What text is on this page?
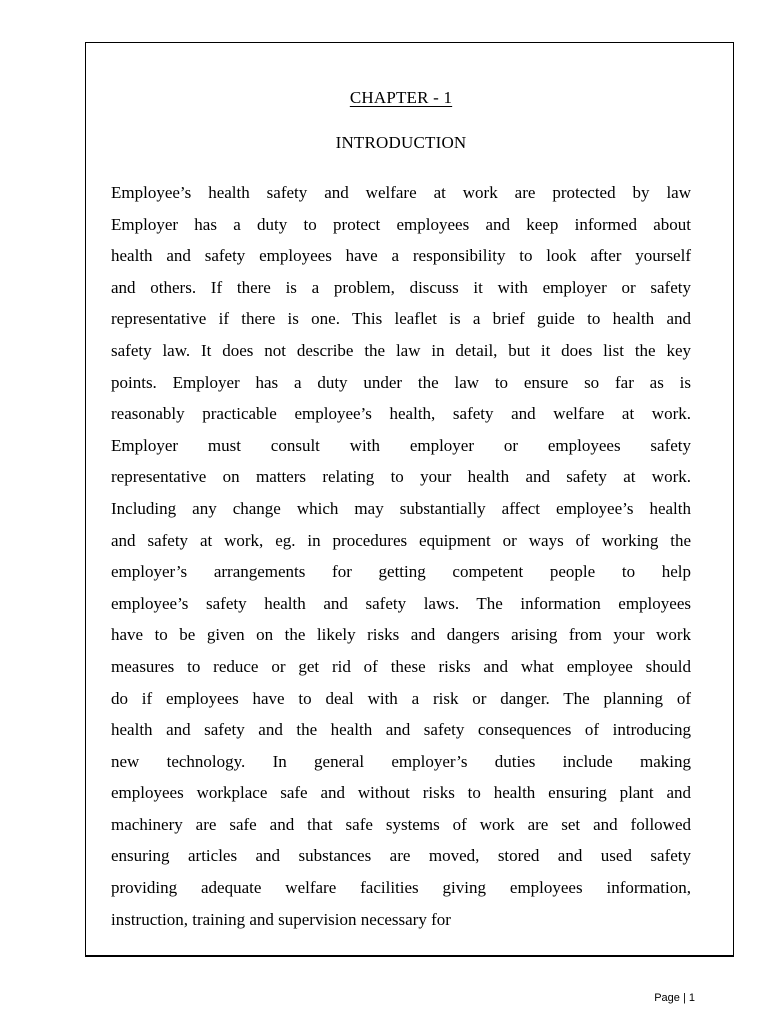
CHAPTER - 1
INTRODUCTION
Employee’s health safety and welfare at work are protected by law
Employer has a duty to protect employees and keep informed about
health and safety employees have a responsibility to look after yourself
and others. If there is a problem, discuss it with employer or safety
representative if there is one. This leaflet is a brief guide to health and
safety law. It does not describe the law in detail, but it does list the key
points. Employer has a duty under the law to ensure so far as is
reasonably practicable employee’s health, safety and welfare at work.
Employer must consult with employer or employees safety
representative on matters relating to your health and safety at work.
Including any change which may substantially affect employee’s health
and safety at work, eg. in procedures equipment or ways of working the
employer’s arrangements for getting competent people to help
employee’s safety health and safety laws. The information employees
have to be given on the likely risks and dangers arising from your work
measures to reduce or get rid of these risks and what employee should
do if employees have to deal with a risk or danger. The planning of
health and safety and the health and safety consequences of introducing
new technology. In general employer’s duties include making
employees workplace safe and without risks to health ensuring plant and
machinery are safe and that safe systems of work are set and followed
ensuring articles and substances are moved, stored and used safety
providing adequate welfare facilities giving employees information,
instruction, training and supervision necessary for
Page | 1
